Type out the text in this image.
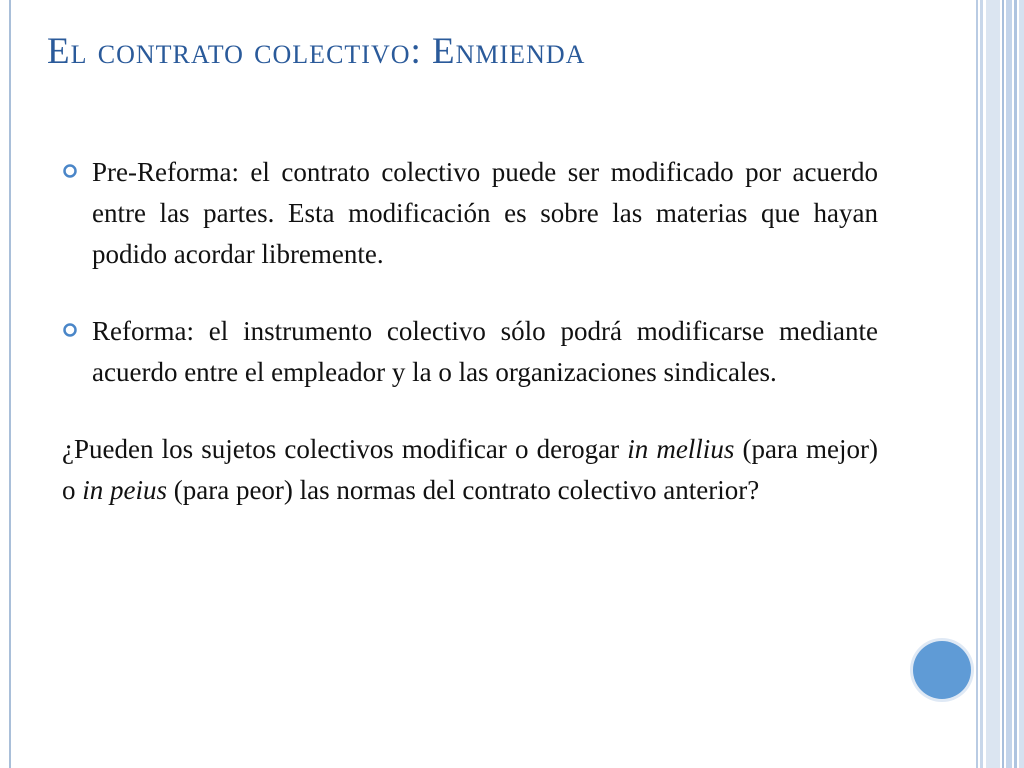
El contrato colectivo: Enmienda
Pre-Reforma: el contrato colectivo puede ser modificado por acuerdo entre las partes. Esta modificación es sobre las materias que hayan podido acordar libremente.
Reforma: el instrumento colectivo sólo podrá modificarse mediante acuerdo entre el empleador y la o las organizaciones sindicales.
¿Pueden los sujetos colectivos modificar o derogar in mellius (para mejor) o in peius (para peor) las normas del contrato colectivo anterior?
